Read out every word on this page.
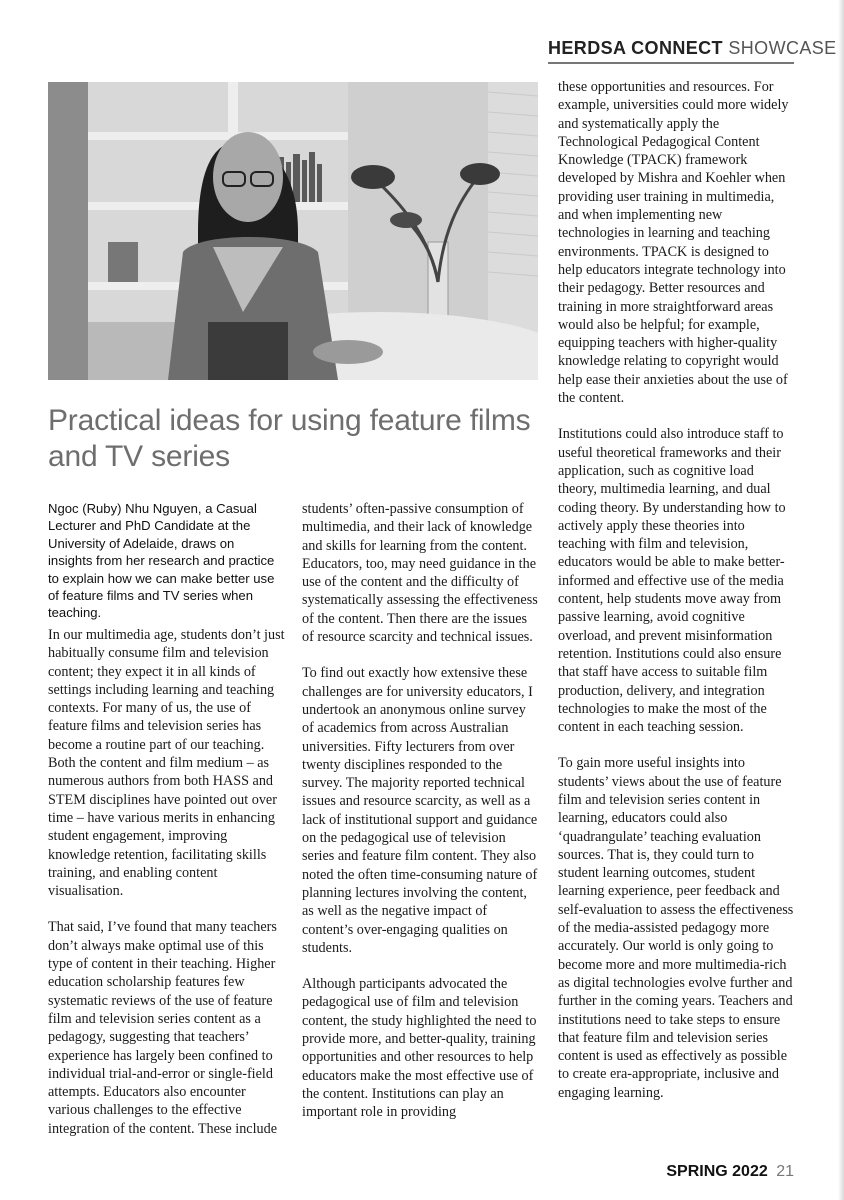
HERDSA CONNECT SHOWCASE
Practical ideas for using feature films and TV series

Ngoc (Ruby) Nhu Nguyen, a Casual Lecturer and PhD Candidate at the University of Adelaide, draws on insights from her research and practice to explain how we can make better use of feature films and TV series when teaching.

In our multimedia age, students don’t just habitually consume film and television content; they expect it in all kinds of settings including learning and teaching contexts. For many of us, the use of feature films and television series has become a routine part of our teaching. Both the content and film medium – as numerous authors from both HASS and STEM disciplines have pointed out over time – have various merits in enhancing student engagement, improving knowledge retention, facilitating skills training, and enabling content visualisation.

That said, I’ve found that many teachers don’t always make optimal use of this type of content in their teaching. Higher education scholarship features few systematic reviews of the use of feature film and television series content as a pedagogy, suggesting that teachers’ experience has largely been confined to individual trial-and-error or single-field attempts. Educators also encounter various challenges to the effective integration of the content. These include

students’ often-passive consumption of multimedia, and their lack of knowledge and skills for learning from the content. Educators, too, may need guidance in the use of the content and the difficulty of systematically assessing the effectiveness of the content. Then there are the issues of resource scarcity and technical issues.

To find out exactly how extensive these challenges are for university educators, I undertook an anonymous online survey of academics from across Australian universities. Fifty lecturers from over twenty disciplines responded to the survey. The majority reported technical issues and resource scarcity, as well as a lack of institutional support and guidance on the pedagogical use of television series and feature film content. They also noted the often time-consuming nature of planning lectures involving the content, as well as the negative impact of content’s over-engaging qualities on students.

Although participants advocated the pedagogical use of film and television content, the study highlighted the need to provide more, and better-quality, training opportunities and other resources to help educators make the most effective use of the content. Institutions can play an important role in providing

these opportunities and resources. For example, universities could more widely and systematically apply the Technological Pedagogical Content Knowledge (TPACK) framework developed by Mishra and Koehler when providing user training in multimedia, and when implementing new technologies in learning and teaching environments. TPACK is designed to help educators integrate technology into their pedagogy. Better resources and training in more straightforward areas would also be helpful; for example, equipping teachers with higher-quality knowledge relating to copyright would help ease their anxieties about the use of the content.

Institutions could also introduce staff to useful theoretical frameworks and their application, such as cognitive load theory, multimedia learning, and dual coding theory. By understanding how to actively apply these theories into teaching with film and television, educators would be able to make better-informed and effective use of the media content, help students move away from passive learning, avoid cognitive overload, and prevent misinformation retention. Institutions could also ensure that staff have access to suitable film production, delivery, and integration technologies to make the most of the content in each teaching session.

To gain more useful insights into students’ views about the use of feature film and television series content in learning, educators could also ‘quadrangulate’ teaching evaluation sources. That is, they could turn to student learning outcomes, student learning experience, peer feedback and self-evaluation to assess the effectiveness of the media-assisted pedagogy more accurately. Our world is only going to become more and more multimedia-rich as digital technologies evolve further and further in the coming years. Teachers and institutions need to take steps to ensure that feature film and television series content is used as effectively as possible to create era-appropriate, inclusive and engaging learning.

SPRING 2022 21
